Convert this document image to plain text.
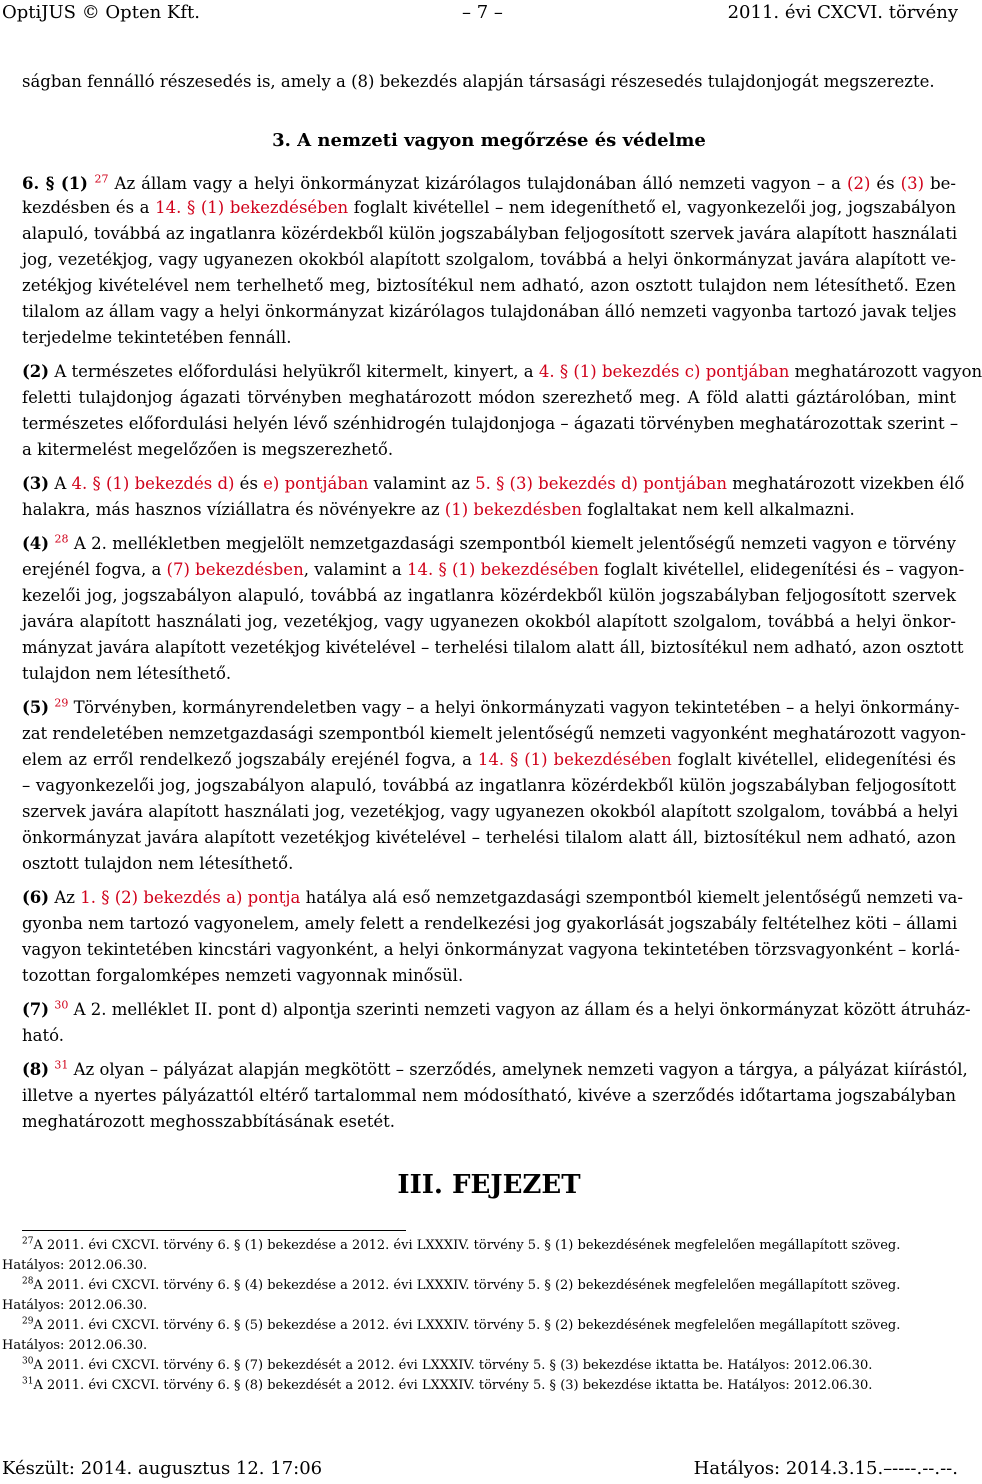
OptiJUS © Opten Kft.	– 7 –	2011. évi CXCVI. törvény
ságban fennálló részesedés is, amely a (8) bekezdés alapján társasági részesedés tulajdonjogát megszerezte.
3. A nemzeti vagyon megőrzése és védelme
6. § (1) $^{27}$ Az állam vagy a helyi önkormányzat kizárólagos tulajdonában álló nemzeti vagyon – a (2) és (3) be-
kezdésben és a 14. § (1) bekezdésében foglalt kivétellel – nem idegeníthető el, vagyonkezelői jog, jogszabályon
alapuló, továbbá az ingatlanra közérdekből külön jogszabályban feljogosított szervek javára alapított használati
jog, vezetékjog, vagy ugyanezen okokból alapított szolgalom, továbbá a helyi önkormányzat javára alapított ve-
zetékjog kivételével nem terhelhető meg, biztosítékul nem adható, azon osztott tulajdon nem létesíthető. Ezen
tilalom az állam vagy a helyi önkormányzat kizárólagos tulajdonában álló nemzeti vagyonba tartozó javak teljes
terjedelme tekintetében fennáll.
(2) A természetes előfordulási helyükről kitermelt, kinyert, a 4. § (1) bekezdés c) pontjában meghatározott vagyon
feletti tulajdonjog ágazati törvényben meghatározott módon szerezhető meg. A föld alatti gáztárolóban, mint
természetes előfordulási helyén lévő szénhidrogén tulajdonjoga – ágazati törvényben meghatározottak szerint –
a kitermelést megelőzően is megszerezhető.
(3) A 4. § (1) bekezdés d) és e) pontjában valamint az 5. § (3) bekezdés d) pontjában meghatározott vizekben élő
halakra, más hasznos víziállatra és növényekre az (1) bekezdésben foglaltakat nem kell alkalmazni.
(4) $^{28}$ A 2. mellékletben megjelölt nemzetgazdasági szempontból kiemelt jelentőségű nemzeti vagyon e törvény
erejénél fogva, a (7) bekezdésben, valamint a 14. § (1) bekezdésében foglalt kivétellel, elidegenítési és – vagyon-
kezelői jog, jogszabályon alapuló, továbbá az ingatlanra közérdekből külön jogszabályban feljogosított szervek
javára alapított használati jog, vezetékjog, vagy ugyanezen okokból alapított szolgalom, továbbá a helyi önkor-
mányzat javára alapított vezetékjog kivételével – terhelési tilalom alatt áll, biztosítékul nem adható, azon osztott
tulajdon nem létesíthető.
(5) $^{29}$ Törvényben, kormányrendeletben vagy – a helyi önkormányzati vagyon tekintetében – a helyi önkormány-
zat rendeletében nemzetgazdasági szempontból kiemelt jelentőségű nemzeti vagyonként meghatározott vagyon-
elem az erről rendelkező jogszabály erejénél fogva, a 14. § (1) bekezdésében foglalt kivétellel, elidegenítési és
– vagyonkezelői jog, jogszabályon alapuló, továbbá az ingatlanra közérdekből külön jogszabályban feljogosított
szervek javára alapított használati jog, vezetékjog, vagy ugyanezen okokból alapított szolgalom, továbbá a helyi
önkormányzat javára alapított vezetékjog kivételével – terhelési tilalom alatt áll, biztosítékul nem adható, azon
osztott tulajdon nem létesíthető.
(6) Az 1. § (2) bekezdés a) pontja hatálya alá eső nemzetgazdasági szempontból kiemelt jelentőségű nemzeti va-
gyonba nem tartozó vagyonelem, amely felett a rendelkezési jog gyakorlását jogszabály feltételhez köti – állami
vagyon tekintetében kincstári vagyonként, a helyi önkormányzat vagyona tekintetében törzsvagyonként – korlá-
tozottan forgalomképes nemzeti vagyonnak minősül.
(7) $^{30}$ A 2. melléklet II. pont d) alpontja szerinti nemzeti vagyon az állam és a helyi önkormányzat között átruház-
ható.
(8) $^{31}$ Az olyan – pályázat alapján megkötött – szerződés, amelynek nemzeti vagyon a tárgya, a pályázat kiírástól,
illetve a nyertes pályázattól eltérő tartalommal nem módosítható, kivéve a szerződés időtartama jogszabályban
meghatározott meghosszabbításának esetét.
III. FEJEZET
$^{27}$A 2011. évi CXCVI. törvény 6. § (1) bekezdése a 2012. évi LXXXIV. törvény 5. § (1) bekezdésének megfelelően megállapított szöveg.
Hatályos: 2012.06.30.
$^{28}$A 2011. évi CXCVI. törvény 6. § (4) bekezdése a 2012. évi LXXXIV. törvény 5. § (2) bekezdésének megfelelően megállapított szöveg.
Hatályos: 2012.06.30.
$^{29}$A 2011. évi CXCVI. törvény 6. § (5) bekezdése a 2012. évi LXXXIV. törvény 5. § (2) bekezdésének megfelelően megállapított szöveg.
Hatályos: 2012.06.30.
$^{30}$A 2011. évi CXCVI. törvény 6. § (7) bekezdését a 2012. évi LXXXIV. törvény 5. § (3) bekezdése iktatta be. Hatályos: 2012.06.30.
$^{31}$A 2011. évi CXCVI. törvény 6. § (8) bekezdését a 2012. évi LXXXIV. törvény 5. § (3) bekezdése iktatta be. Hatályos: 2012.06.30.
Készült: 2014. augusztus 12. 17:06	Hatályos: 2014.3.15.–----.--.--.
